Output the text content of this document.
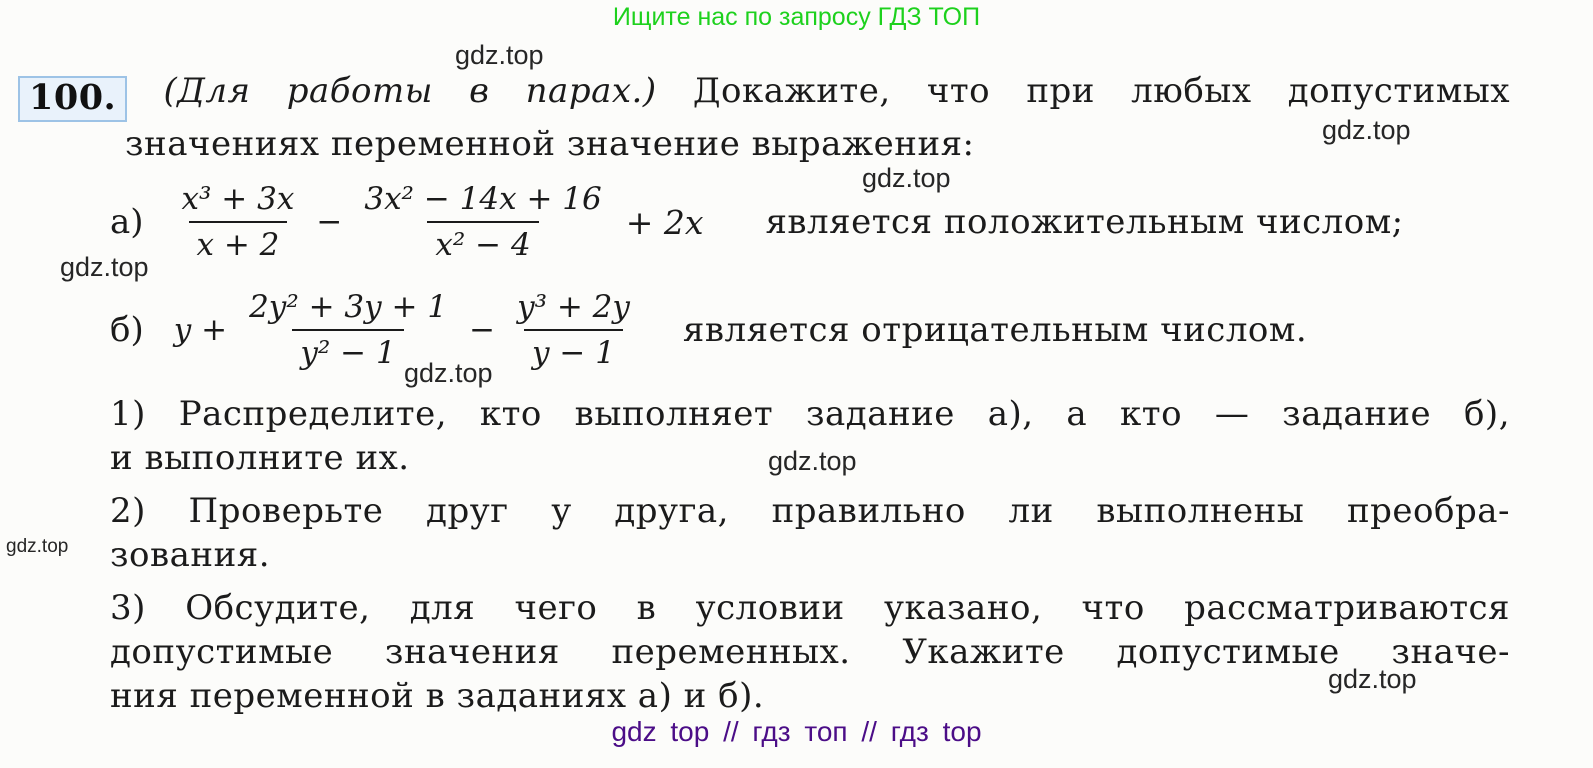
Ищите нас по запросу ГДЗ ТОП
gdz.top
gdz.top
gdz.top
gdz.top
gdz.top
gdz.top
gdz.top
gdz.top
100. (Для работы в парах.) Докажите, что при любых допустимых
значениях переменной значение выражения:
$а) \frac{\text{x³ + 3x}}{x + 2} - \frac{\text{3x² − 14x + 16}}{\text{x² − 4}} + 2x$ является положительным числом;
б) $y + \frac{\text{2y² + 3y + 1}}{\text{y² − 1}} - \frac{\text{y³ + 2y}}{y - 1}$ является отрицательным числом.
1) Распределите, кто выполняет задание а), а кто — задание б),
и выполните их.
2) Проверьте друг у друга, правильно ли выполнены преобра-
зования.
3) Обсудите, для чего в условии указано, что рассматриваются
допустимые значения переменных. Укажите допустимые значе-
ния переменной в заданиях а) и б).
gdz top // гдз топ // гдз top
